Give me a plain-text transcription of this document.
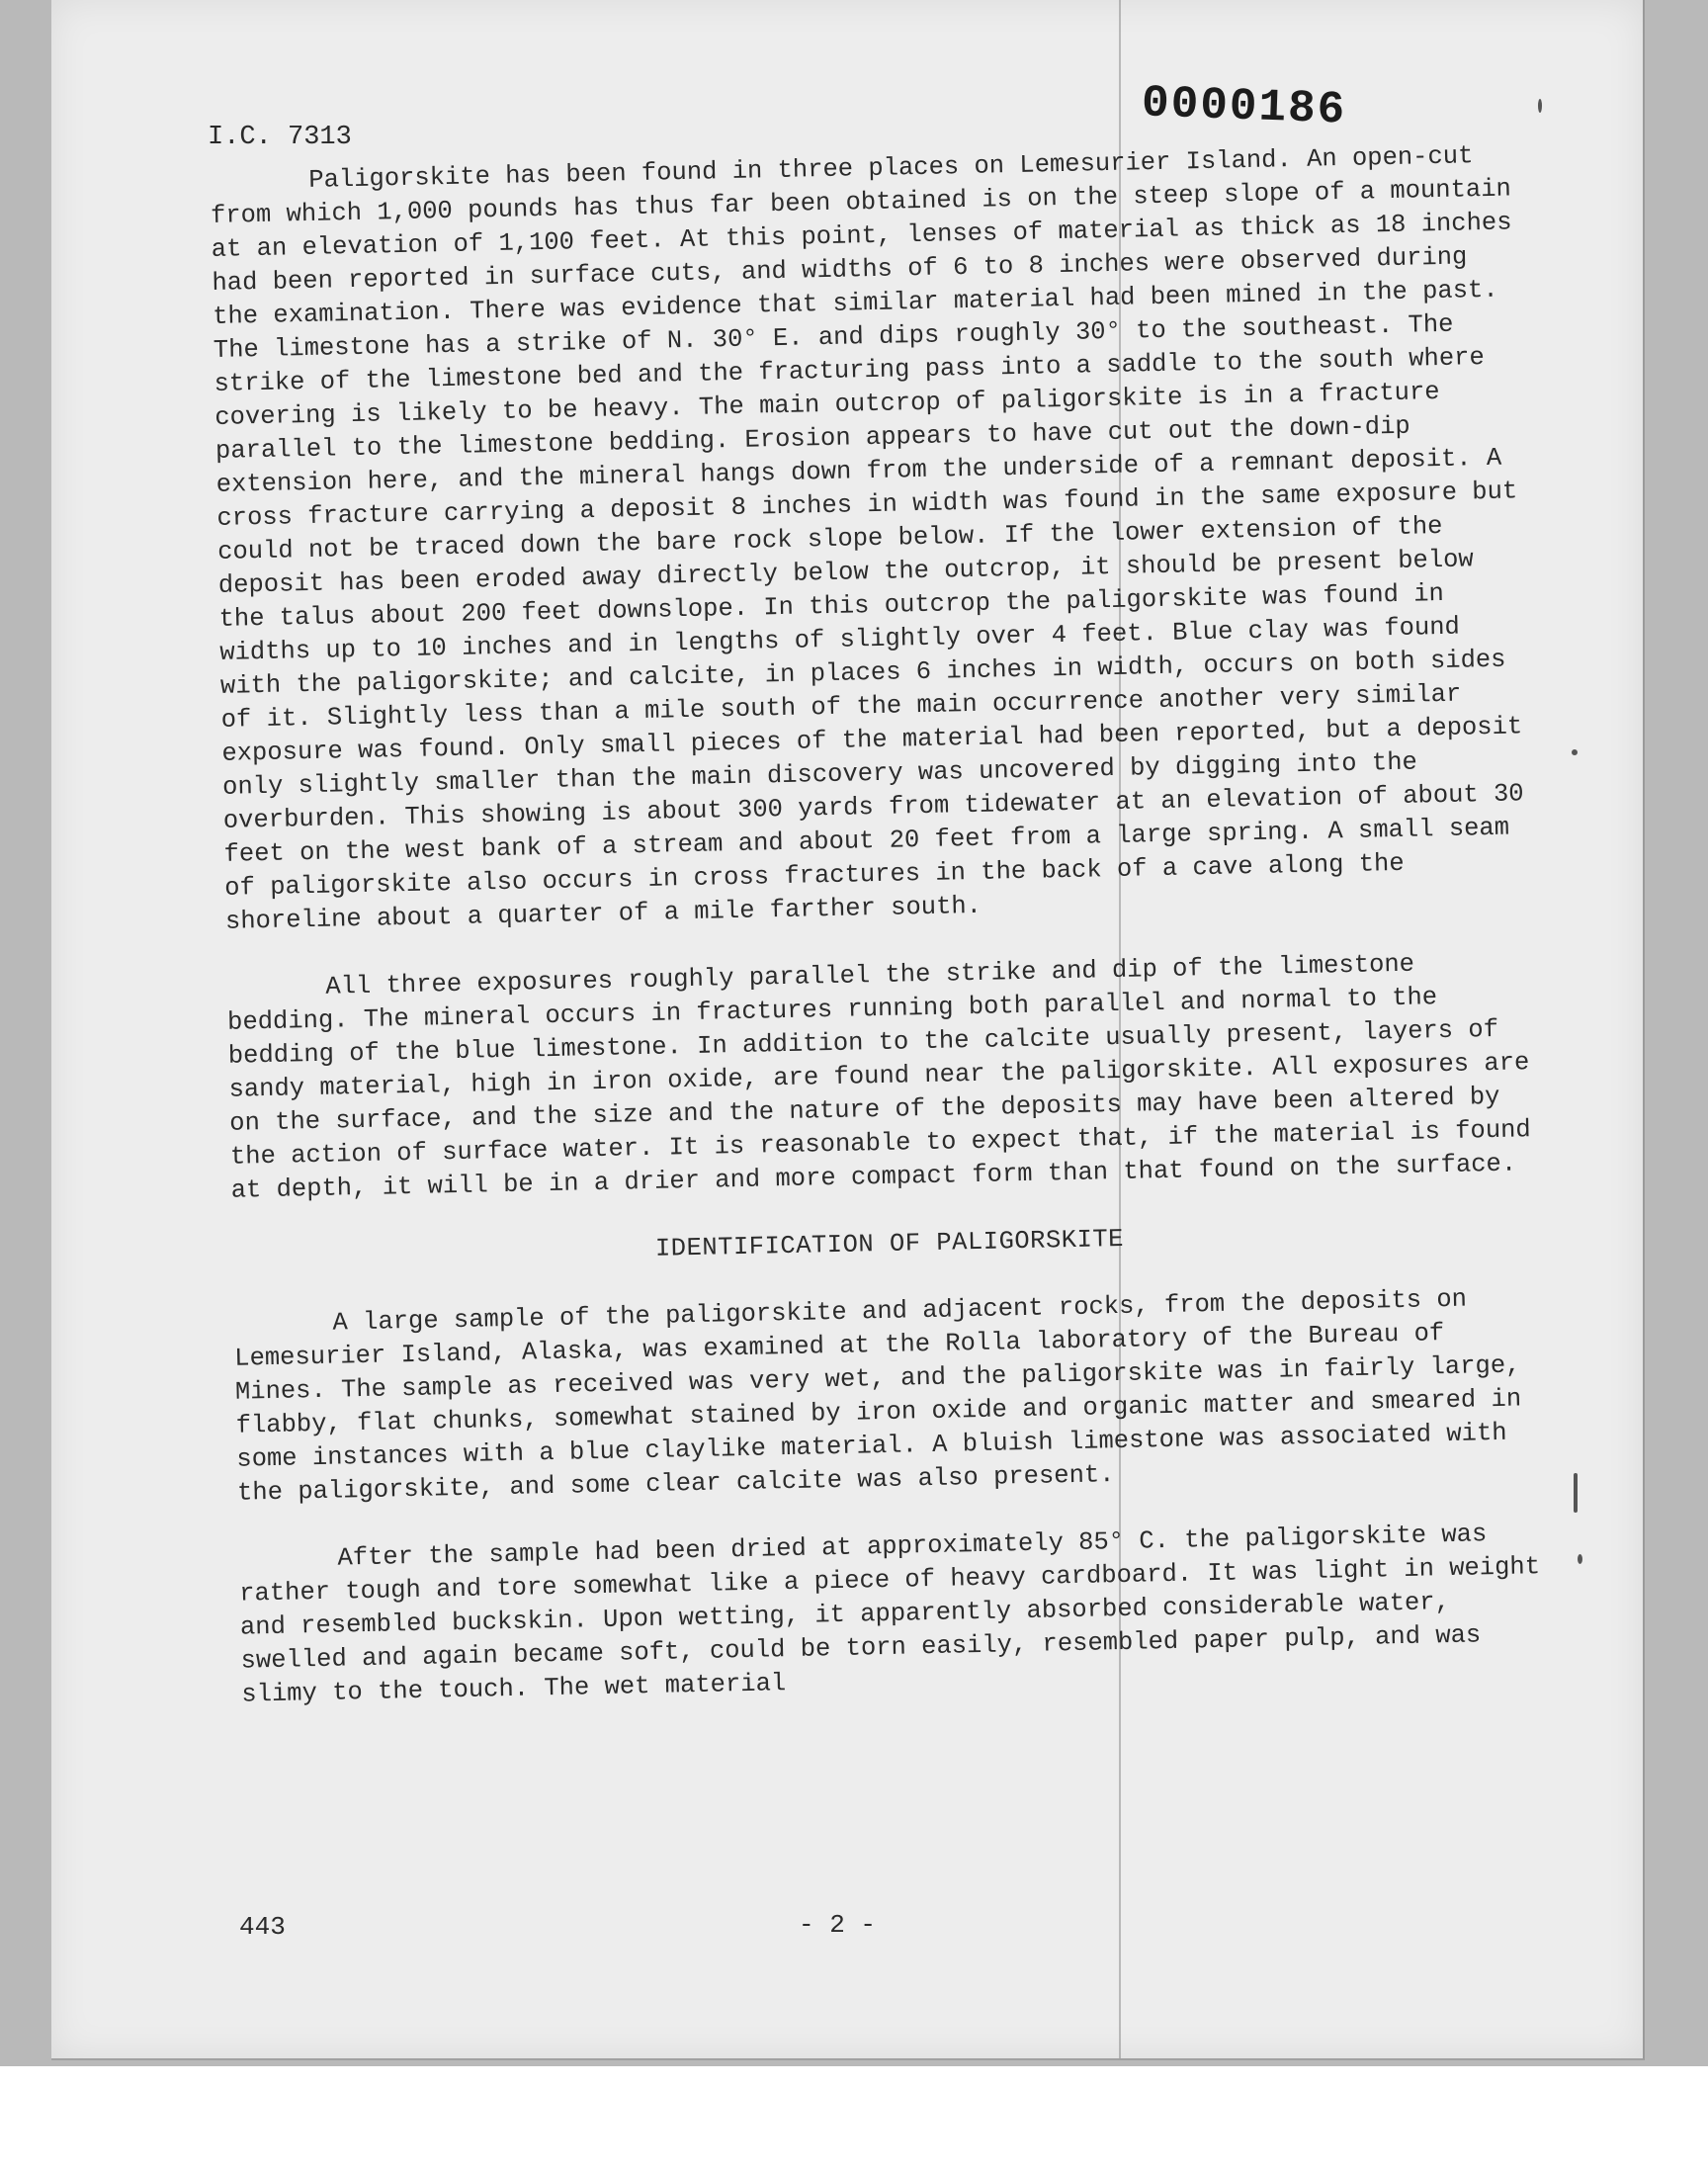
I.C. 7313
0000186

Paligorskite has been found in three places on Lemesurier Island. An open-cut from which 1,000 pounds has thus far been obtained is on the steep slope of a mountain at an elevation of 1,100 feet. At this point, lenses of material as thick as 18 inches had been reported in surface cuts, and widths of 6 to 8 inches were observed during the examination. There was evidence that similar material had been mined in the past. The limestone has a strike of N. 30° E. and dips roughly 30° to the southeast. The strike of the limestone bed and the fracturing pass into a saddle to the south where covering is likely to be heavy. The main outcrop of paligorskite is in a fracture parallel to the limestone bedding. Erosion appears to have cut out the down-dip extension here, and the mineral hangs down from the underside of a remnant deposit. A cross fracture carrying a deposit 8 inches in width was found in the same exposure but could not be traced down the bare rock slope below. If the lower extension of the deposit has been eroded away directly below the outcrop, it should be present below the talus about 200 feet downslope. In this outcrop the paligorskite was found in widths up to 10 inches and in lengths of slightly over 4 feet. Blue clay was found with the paligorskite; and calcite, in places 6 inches in width, occurs on both sides of it. Slightly less than a mile south of the main occurrence another very similar exposure was found. Only small pieces of the material had been reported, but a deposit only slightly smaller than the main discovery was uncovered by digging into the overburden. This showing is about 300 yards from tidewater at an elevation of about 30 feet on the west bank of a stream and about 20 feet from a large spring. A small seam of paligorskite also occurs in cross fractures in the back of a cave along the shoreline about a quarter of a mile farther south.

All three exposures roughly parallel the strike and dip of the limestone bedding. The mineral occurs in fractures running both parallel and normal to the bedding of the blue limestone. In addition to the calcite usually present, layers of sandy material, high in iron oxide, are found near the paligorskite. All exposures are on the surface, and the size and the nature of the deposits may have been altered by the action of surface water. It is reasonable to expect that, if the material is found at depth, it will be in a drier and more compact form than that found on the surface.

IDENTIFICATION OF PALIGORSKITE

A large sample of the paligorskite and adjacent rocks, from the deposits on Lemesurier Island, Alaska, was examined at the Rolla laboratory of the Bureau of Mines. The sample as received was very wet, and the paligorskite was in fairly large, flabby, flat chunks, somewhat stained by iron oxide and organic matter and smeared in some instances with a blue claylike material. A bluish limestone was associated with the paligorskite, and some clear calcite was also present.

After the sample had been dried at approximately 85° C. the paligorskite was rather tough and tore somewhat like a piece of heavy cardboard. It was light in weight and resembled buckskin. Upon wetting, it apparently absorbed considerable water, swelled and again became soft, could be torn easily, resembled paper pulp, and was slimy to the touch. The wet material

443	- 2 -
